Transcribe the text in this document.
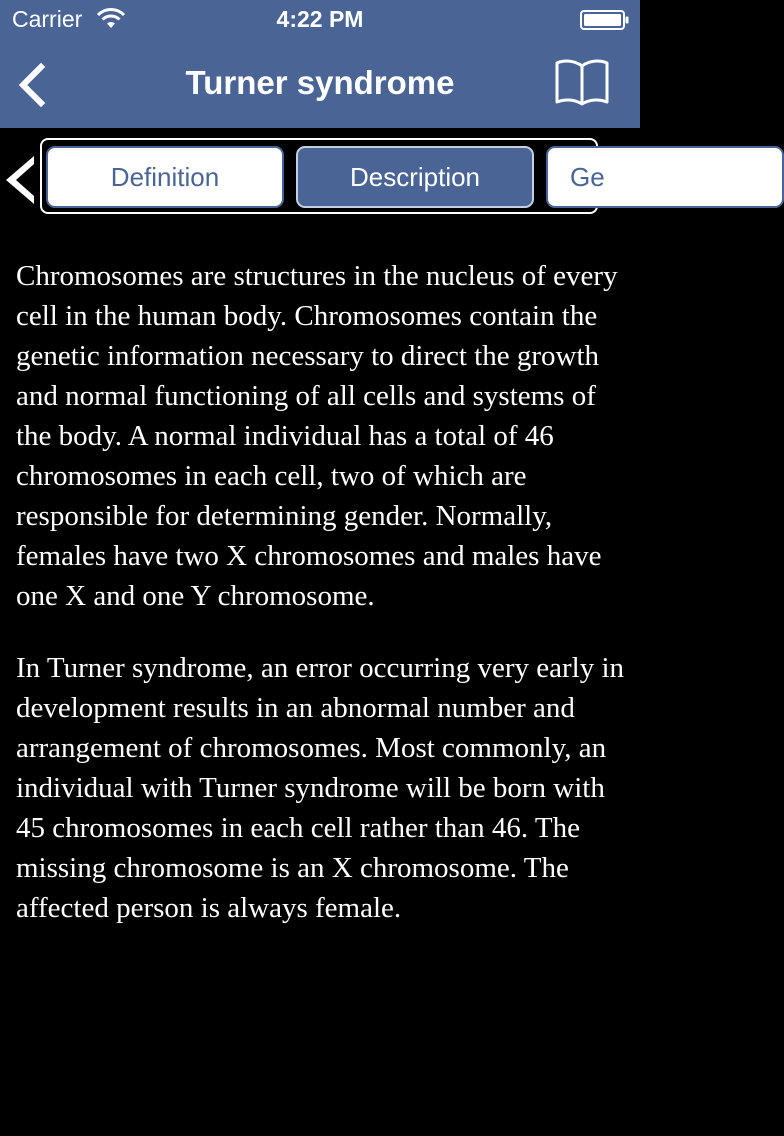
Carrier	4:22 PM
Turner syndrome
Definition	Description	Ge

Chromosomes are structures in the nucleus of every cell in the human body. Chromosomes contain the genetic information necessary to direct the growth and normal functioning of all cells and systems of the body. A normal individual has a total of 46 chromosomes in each cell, two of which are responsible for determining gender. Normally, females have two X chromosomes and males have one X and one Y chromosome.

In Turner syndrome, an error occurring very early in development results in an abnormal number and arrangement of chromosomes. Most commonly, an individual with Turner syndrome will be born with 45 chromosomes in each cell rather than 46. The missing chromosome is an X chromosome. The affected person is always female.
